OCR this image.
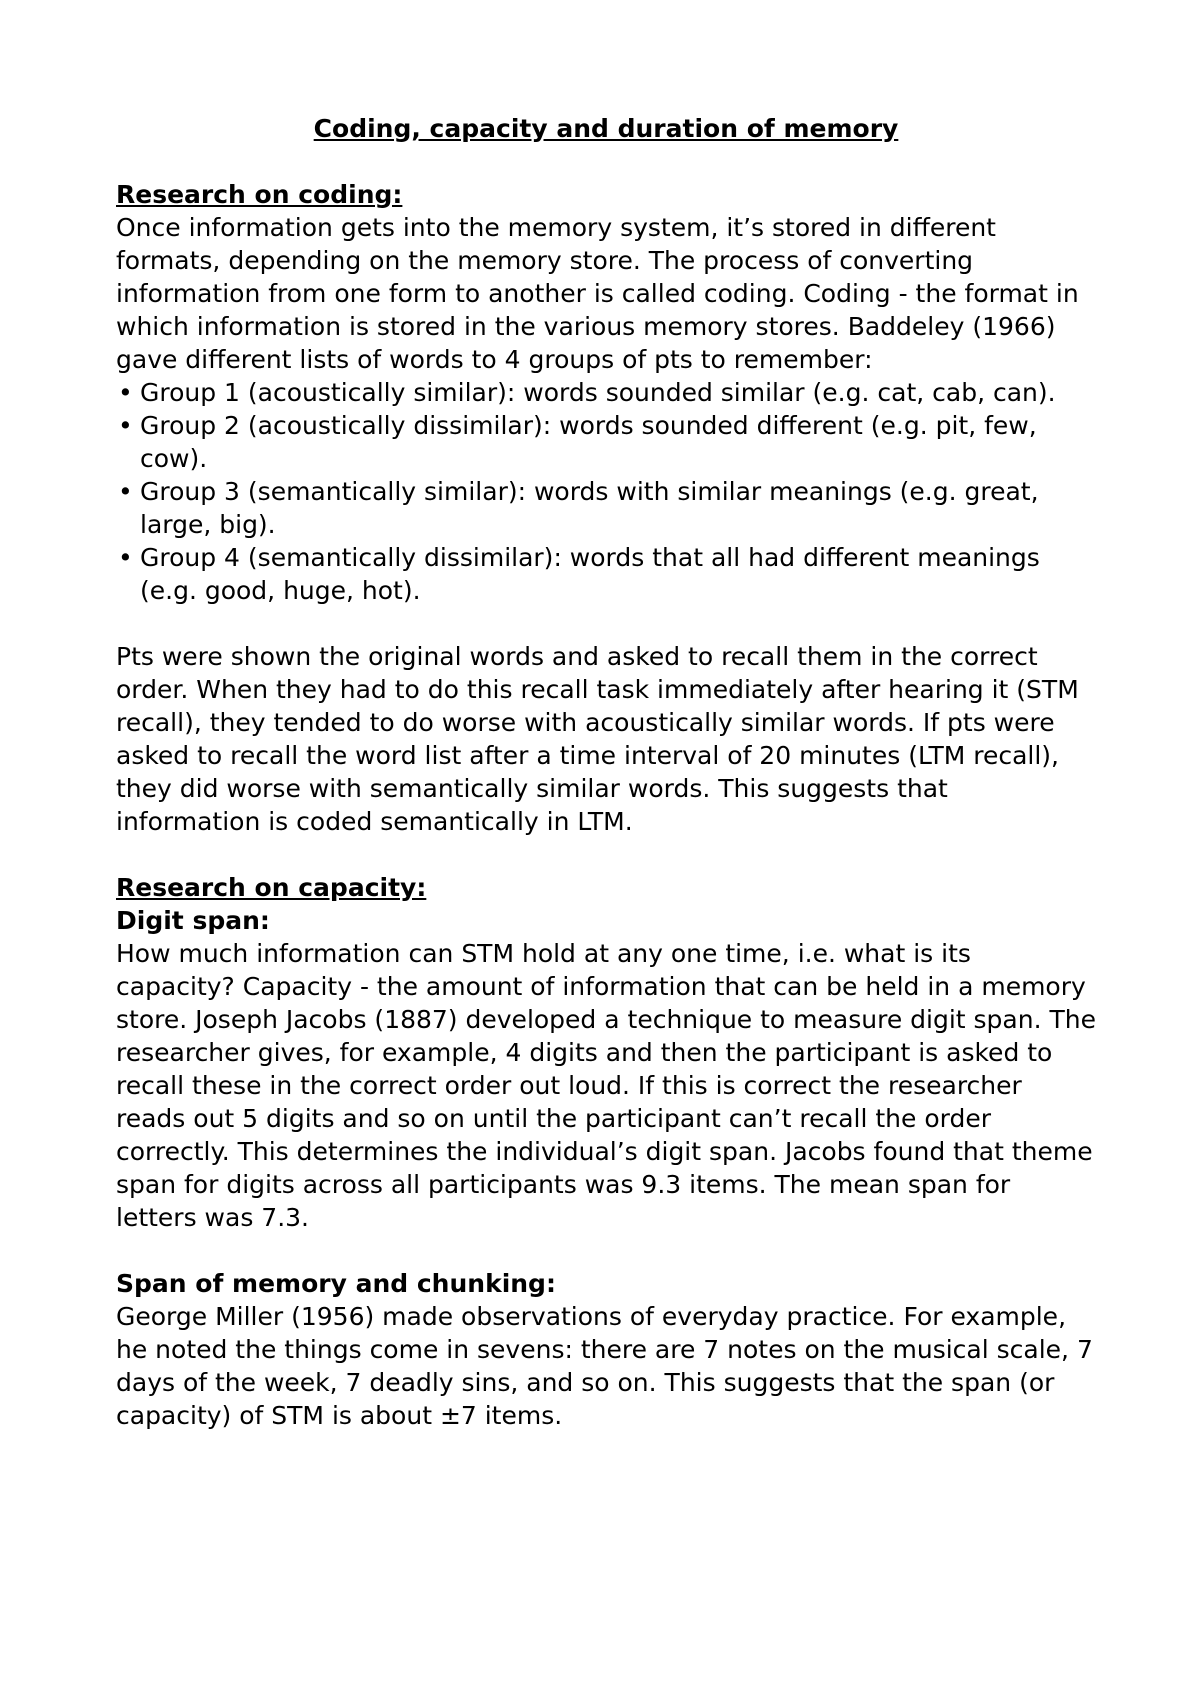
Coding, capacity and duration of memory
Research on coding:

Once information gets into the memory system, it’s stored in different formats, depending on the memory store. The process of converting information from one form to another is called coding. Coding - the format in which information is stored in the various memory stores. Baddeley (1966) gave different lists of words to 4 groups of pts to remember:

• Group 1 (acoustically similar): words sounded similar (e.g. cat, cab, can).
• Group 2 (acoustically dissimilar): words sounded different (e.g. pit, few, cow).
• Group 3 (semantically similar): words with similar meanings (e.g. great, large, big).
• Group 4 (semantically dissimilar): words that all had different meanings (e.g. good, huge, hot).

Pts were shown the original words and asked to recall them in the correct order. When they had to do this recall task immediately after hearing it (STM recall), they tended to do worse with acoustically similar words. If pts were asked to recall the word list after a time interval of 20 minutes (LTM recall), they did worse with semantically similar words. This suggests that information is coded semantically in LTM.

Research on capacity:
Digit span:

How much information can STM hold at any one time, i.e. what is its capacity? Capacity - the amount of information that can be held in a memory store. Joseph Jacobs (1887) developed a technique to measure digit span. The researcher gives, for example, 4 digits and then the participant is asked to recall these in the correct order out loud. If this is correct the researcher reads out 5 digits and so on until the participant can’t recall the order correctly. This determines the individual’s digit span. Jacobs found that theme span for digits across all participants was 9.3 items. The mean span for letters was 7.3.

Span of memory and chunking:

George Miller (1956) made observations of everyday practice. For example, he noted the things come in sevens: there are 7 notes on the musical scale, 7 days of the week, 7 deadly sins, and so on. This suggests that the span (or capacity) of STM is about ±7 items.
